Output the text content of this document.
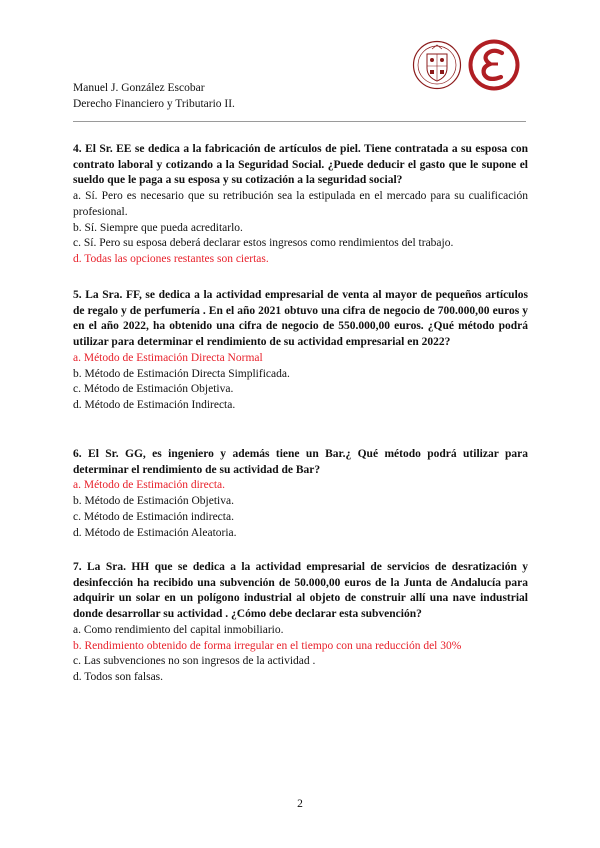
Manuel J. González Escobar
Derecho Financiero y Tributario II.

4. El Sr. EE se dedica a la fabricación de artículos de piel. Tiene contratada a su esposa con contrato laboral y cotizando a la Seguridad Social. ¿Puede deducir el gasto que le supone el sueldo que le paga a su esposa y su cotización a la seguridad social?

a. Sí. Pero es necesario que su retribución sea la estipulada en el mercado para su cualificación profesional.

b. Sí. Siempre que pueda acreditarlo.

c. Sí. Pero su esposa deberá declarar estos ingresos como rendimientos del trabajo.

d. Todas las opciones restantes son ciertas.

5. La Sra. FF, se dedica a la actividad empresarial de venta al mayor de pequeños artículos de regalo y de perfumería . En el año 2021 obtuvo una cifra de negocio de 700.000,00 euros y en el año 2022, ha obtenido una cifra de negocio de 550.000,00 euros. ¿Qué método podrá utilizar para determinar el rendimiento de su actividad empresarial en 2022?

a. Método de Estimación Directa Normal

b. Método de Estimación Directa Simplificada.

c. Método de Estimación Objetiva.

d. Método de Estimación Indirecta.

6. El Sr. GG, es ingeniero y además tiene un Bar.¿ Qué método podrá utilizar para determinar el rendimiento de su actividad de Bar?

a. Método de Estimación directa.

b. Método de Estimación Objetiva.

c. Método de Estimación indirecta.

d. Método de Estimación Aleatoria.

7. La Sra. HH que se dedica a la actividad empresarial de servicios de desratización y desinfección ha recibido una subvención de 50.000,00 euros de la Junta de Andalucía para adquirir un solar en un polígono industrial al objeto de construir allí una nave industrial donde desarrollar su actividad . ¿Cómo debe declarar esta subvención?

a. Como rendimiento del capital inmobiliario.

b. Rendimiento obtenido de forma irregular en el tiempo con una reducción del 30%

c. Las subvenciones no son ingresos de la actividad .

d. Todos son falsas.

2
